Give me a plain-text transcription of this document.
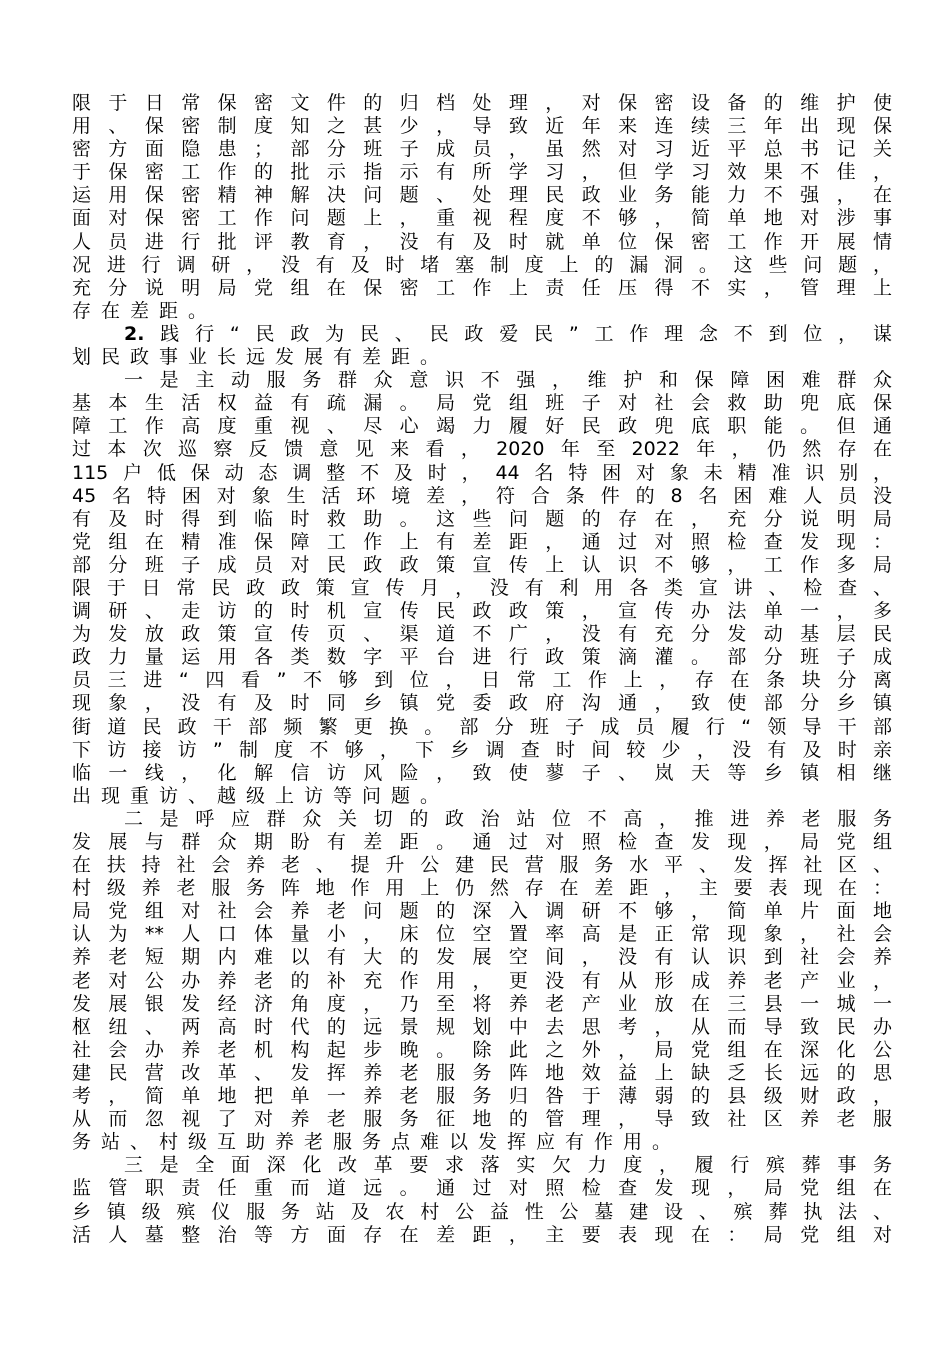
限于日常保密文件的归档处理，对保密设备的维护使
用、保密制度知之甚少，导致近年来连续三年出现保
密方面隐患；部分班子成员，虽然对习近平总书记关
于保密工作的批示指示有所学习，但学习效果不佳，
运用保密精神解决问题、处理民政业务能力不强，在
面对保密工作问题上，重视程度不够，简单地对涉事
人员进行批评教育，没有及时就单位保密工作开展情
况进行调研，没有及时堵塞制度上的漏洞。这些问题，
充分说明局党组在保密工作上责任压得不实，管理上
存在差距。
2.践行“民政为民、民政爱民”工作理念不到位，谋
划民政事业长远发展有差距。
一是主动服务群众意识不强，维护和保障困难群众
基本生活权益有疏漏。局党组班子对社会救助兜底保
障工作高度重视、尽心竭力履好民政兜底职能。但通
过本次巡察反馈意见来看，2020年至2022年，仍然存在
115户低保动态调整不及时，44名特困对象未精准识别，
45名特困对象生活环境差，符合条件的8名困难人员没
有及时得到临时救助。这些问题的存在，充分说明局
党组在精准保障工作上有差距，通过对照检查发现：
部分班子成员对民政政策宣传上认识不够，工作多局
限于日常民政政策宣传月，没有利用各类宣讲、检查、
调研、走访的时机宣传民政政策，宣传办法单一，多
为发放政策宣传页、渠道不广，没有充分发动基层民
政力量运用各类数字平台进行政策滴灌。部分班子成
员三进“四看”不够到位，日常工作上，存在条块分离
现象，没有及时同乡镇党委政府沟通，致使部分乡镇
街道民政干部频繁更换。部分班子成员履行“领导干部
下访接访”制度不够，下乡调查时间较少，没有及时亲
临一线，化解信访风险，致使蓼子、岚天等乡镇相继
出现重访、越级上访等问题。
二是呼应群众关切的政治站位不高，推进养老服务
发展与群众期盼有差距。通过对照检查发现，局党组
在扶持社会养老、提升公建民营服务水平、发挥社区、
村级养老服务阵地作用上仍然存在差距，主要表现在：
局党组对社会养老问题的深入调研不够，简单片面地
认为**人口体量小，床位空置率高是正常现象，社会
养老短期内难以有大的发展空间，没有认识到社会养
老对公办养老的补充作用，更没有从形成养老产业，
发展银发经济角度，乃至将养老产业放在三县一城一
枢纽、两高时代的远景规划中去思考，从而导致民办
社会办养老机构起步晚。除此之外，局党组在深化公
建民营改革、发挥养老服务阵地效益上缺乏长远的思
考，简单地把单一养老服务归咎于薄弱的县级财政，
从而忽视了对养老服务征地的管理，导致社区养老服
务站、村级互助养老服务点难以发挥应有作用。
三是全面深化改革要求落实欠力度，履行殡葬事务
监管职责任重而道远。通过对照检查发现，局党组在
乡镇级殡仪服务站及农村公益性公墓建设、殡葬执法、
活人墓整治等方面存在差距，主要表现在：局党组对
